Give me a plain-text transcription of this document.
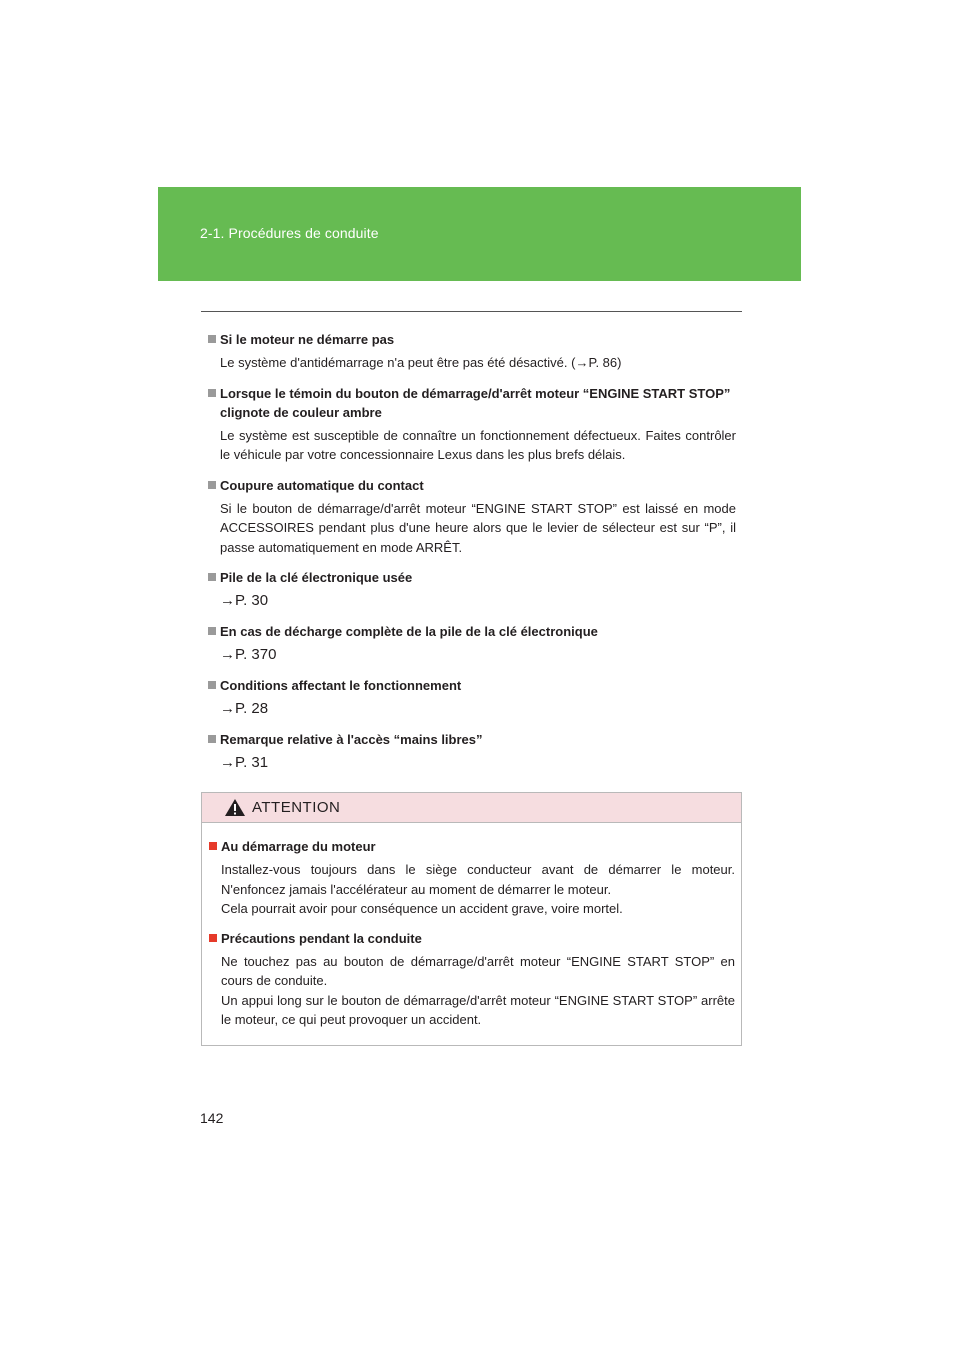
2-1. Procédures de conduite

Si le moteur ne démarre pas

Le système d'antidémarrage n'a peut être pas été désactivé. (→P. 86)

Lorsque le témoin du bouton de démarrage/d'arrêt moteur “ENGINE START STOP” clignote de couleur ambre

Le système est susceptible de connaître un fonctionnement défectueux. Faites contrôler le véhicule par votre concessionnaire Lexus dans les plus brefs délais.

Coupure automatique du contact

Si le bouton de démarrage/d'arrêt moteur “ENGINE START STOP” est laissé en mode ACCESSOIRES pendant plus d'une heure alors que le levier de sélecteur est sur “P”, il passe automatiquement en mode ARRÊT.

Pile de la clé électronique usée

→P. 30

En cas de décharge complète de la pile de la clé électronique

→P. 370

Conditions affectant le fonctionnement

→P. 28

Remarque relative à l'accès “mains libres”

→P. 31

ATTENTION

Au démarrage du moteur

Installez-vous toujours dans le siège conducteur avant de démarrer le moteur. N'enfoncez jamais l'accélérateur au moment de démarrer le moteur.
Cela pourrait avoir pour conséquence un accident grave, voire mortel.

Précautions pendant la conduite

Ne touchez pas au bouton de démarrage/d'arrêt moteur “ENGINE START STOP” en cours de conduite.
Un appui long sur le bouton de démarrage/d'arrêt moteur “ENGINE START STOP” arrête le moteur, ce qui peut provoquer un accident.

142
